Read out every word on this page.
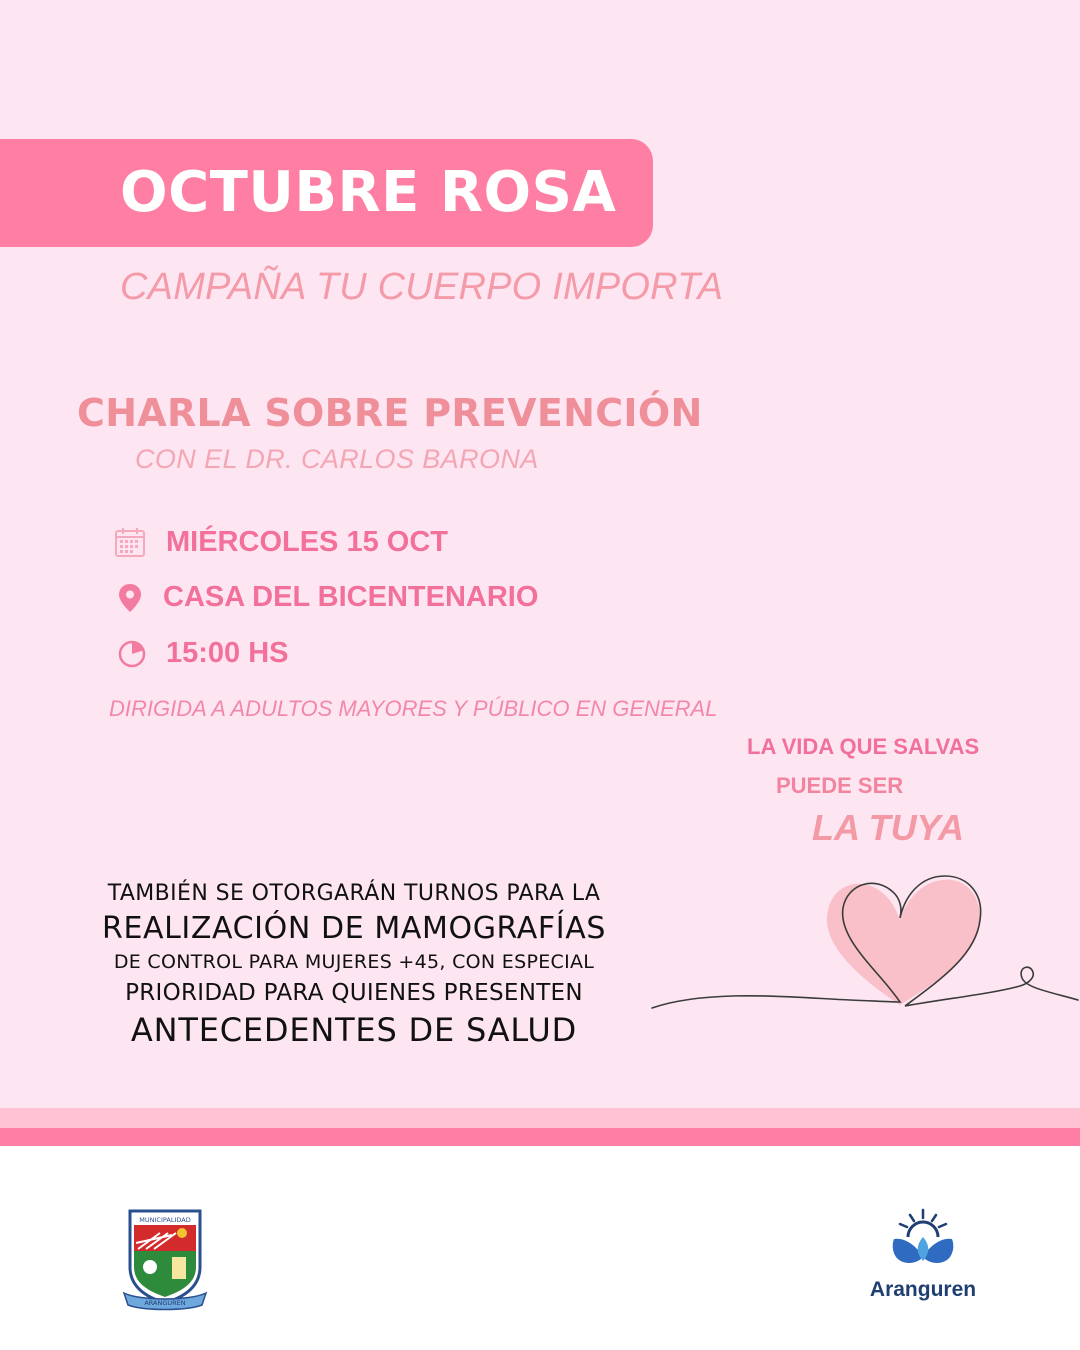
OCTUBRE ROSA
CAMPAÑA TU CUERPO IMPORTA
CHARLA SOBRE PREVENCIÓN
CON EL DR. CARLOS BARONA
MIÉRCOLES 15 OCT
CASA DEL BICENTENARIO
15:00 HS
DIRIGIDA A ADULTOS MAYORES Y PÚBLICO EN GENERAL
LA VIDA QUE SALVAS
PUEDE SER
LA TUYA
TAMBIÉN SE OTORGARÁN TURNOS PARA LA
REALIZACIÓN DE MAMOGRAFÍAS
DE CONTROL PARA MUJERES +45, CON ESPECIAL
PRIORIDAD PARA QUIENES PRESENTEN
ANTECEDENTES DE SALUD
MUNICIPALIDAD
ARANGUREN
Aranguren
